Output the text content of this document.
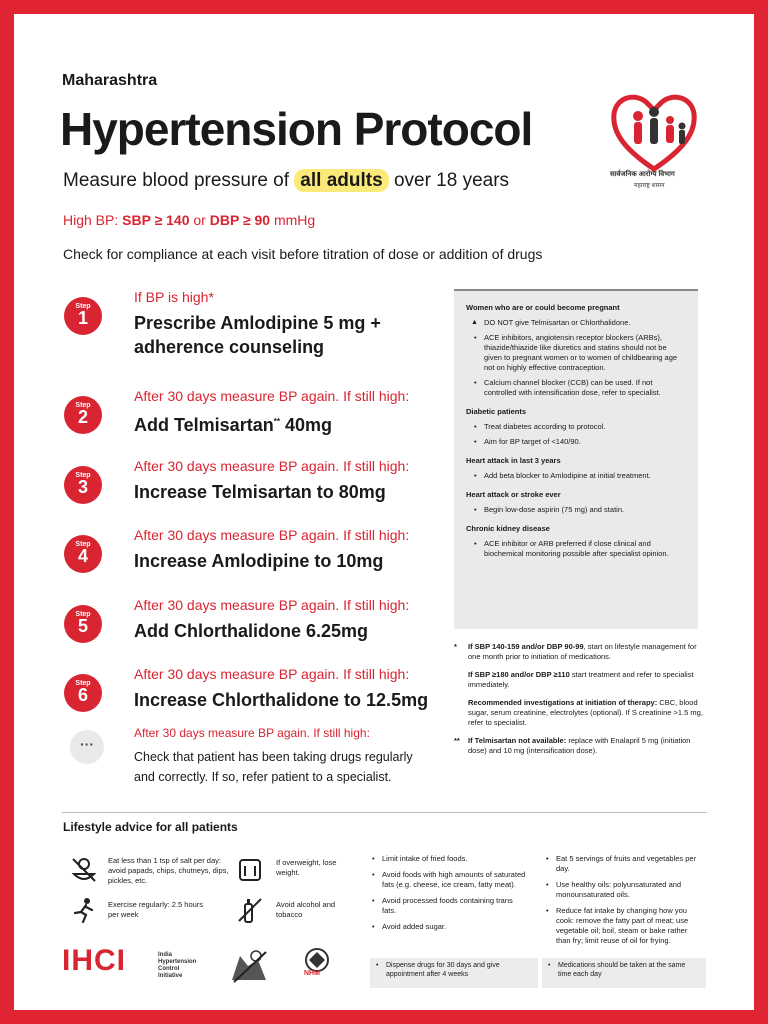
Maharashtra
Hypertension Protocol
सार्वजनिक आरोग्य विभाग
महाराष्ट्र शासन
Measure blood pressure of all adults over 18 years
High BP: SBP ≥ 140 or DBP ≥ 90 mmHg
Check for compliance at each visit before titration of dose or addition of drugs
Step
1
If BP is high*
Prescribe Amlodipine 5 mg + adherence counseling
Step
2
After 30 days measure BP again. If still high:
Add Telmisartan** 40mg
Step
3
After 30 days measure BP again. If still high:
Increase Telmisartan to 80mg
Step
4
After 30 days measure BP again. If still high:
Increase Amlodipine to 10mg
Step
5
After 30 days measure BP again. If still high:
Add Chlorthalidone 6.25mg
Step
6
After 30 days measure BP again. If still high:
Increase Chlorthalidone to 12.5mg
···
After 30 days measure BP again. If still high:
Check that patient has been taking drugs regularly and correctly. If so, refer patient to a specialist.
Women who are or could become pregnant
▲ DO NOT give Telmisartan or Chlorthalidone.
• ACE inhibitors, angiotensin receptor blockers (ARBs), thiazide/thiazide like diuretics and statins should not be given to pregnant women or to women of childbearing age not on highly effective contraception.
• Calcium channel blocker (CCB) can be used. If not controlled with intensification dose, refer to specialist.
Diabetic patients
• Treat diabetes according to protocol.
• Aim for BP target of <140/90.
Heart attack in last 3 years
• Add beta blocker to Amlodipine at initial treatment.
Heart attack or stroke ever
• Begin low-dose aspirin (75 mg) and statin.
Chronic kidney disease
• ACE inhibitor or ARB preferred if close clinical and biochemical monitoring possible after specialist opinion.
* If SBP 140-159 and/or DBP 90-99, start on lifestyle management for one month prior to initiation of medications.
If SBP ≥180 and/or DBP ≥110 start treatment and refer to specialist immediately.
Recommended investigations at initiation of therapy: CBC, blood sugar, serum creatinine, electrolytes (optional). If S creatinine >1.5 mg, refer to specialist.
** If Telmisartan not available: replace with Enalapril 5 mg (initiation dose) and 10 mg (intensification dose).
Lifestyle advice for all patients
Eat less than 1 tsp of salt per day: avoid papads, chips, chutneys, dips, pickles, etc.
If overweight, lose weight.
Exercise regularly: 2.5 hours per week
Avoid alcohol and tobacco
• Limit intake of fried foods.
• Avoid foods with high amounts of saturated fats (e.g. cheese, ice cream, fatty meat).
• Avoid processed foods containing trans fats.
• Avoid added sugar.
• Eat 5 servings of fruits and vegetables per day.
• Use healthy oils: polyunsaturated and monounsaturated oils.
• Reduce fat intake by changing how you cook: remove the fatty part of meat; use vegetable oil; boil, steam or bake rather than fry; limit reuse of oil for frying.
IHCI	India
Hypertension
Control
Initiative	NHM
• Dispense drugs for 30 days and give appointment after 4 weeks
• Medications should be taken at the same time each day
